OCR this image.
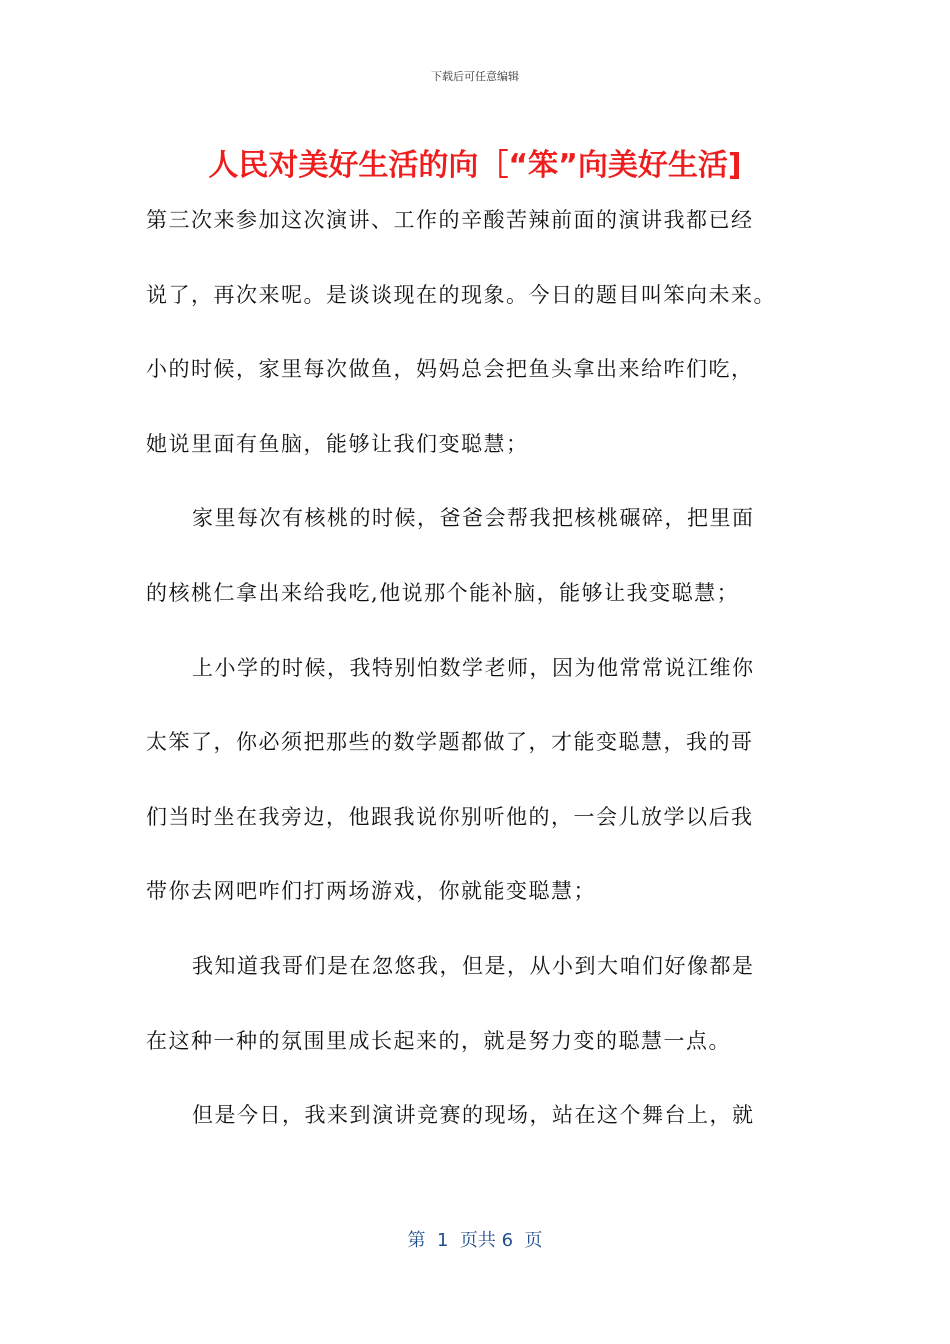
下载后可任意编辑
人民对美好生活的向［“笨”向美好生活]
第三次来参加这次演讲、工作的辛酸苦辣前面的演讲我都已经
说了，再次来呢。是谈谈现在的现象。今日的题目叫笨向未来。
小的时候，家里每次做鱼，妈妈总会把鱼头拿出来给咋们吃，
她说里面有鱼脑，能够让我们变聪慧；
家里每次有核桃的时候，爸爸会帮我把核桃碾碎，把里面
的核桃仁拿出来给我吃,他说那个能补脑，能够让我变聪慧；
上小学的时候，我特别怕数学老师，因为他常常说江维你
太笨了，你必须把那些的数学题都做了，才能变聪慧，我的哥
们当时坐在我旁边，他跟我说你别听他的，一会儿放学以后我
带你去网吧咋们打两场游戏，你就能变聪慧；
我知道我哥们是在忽悠我，但是，从小到大咱们好像都是
在这种一种的氛围里成长起来的，就是努力变的聪慧一点。
但是今日，我来到演讲竞赛的现场，站在这个舞台上，就
第  1  页共 6  页
